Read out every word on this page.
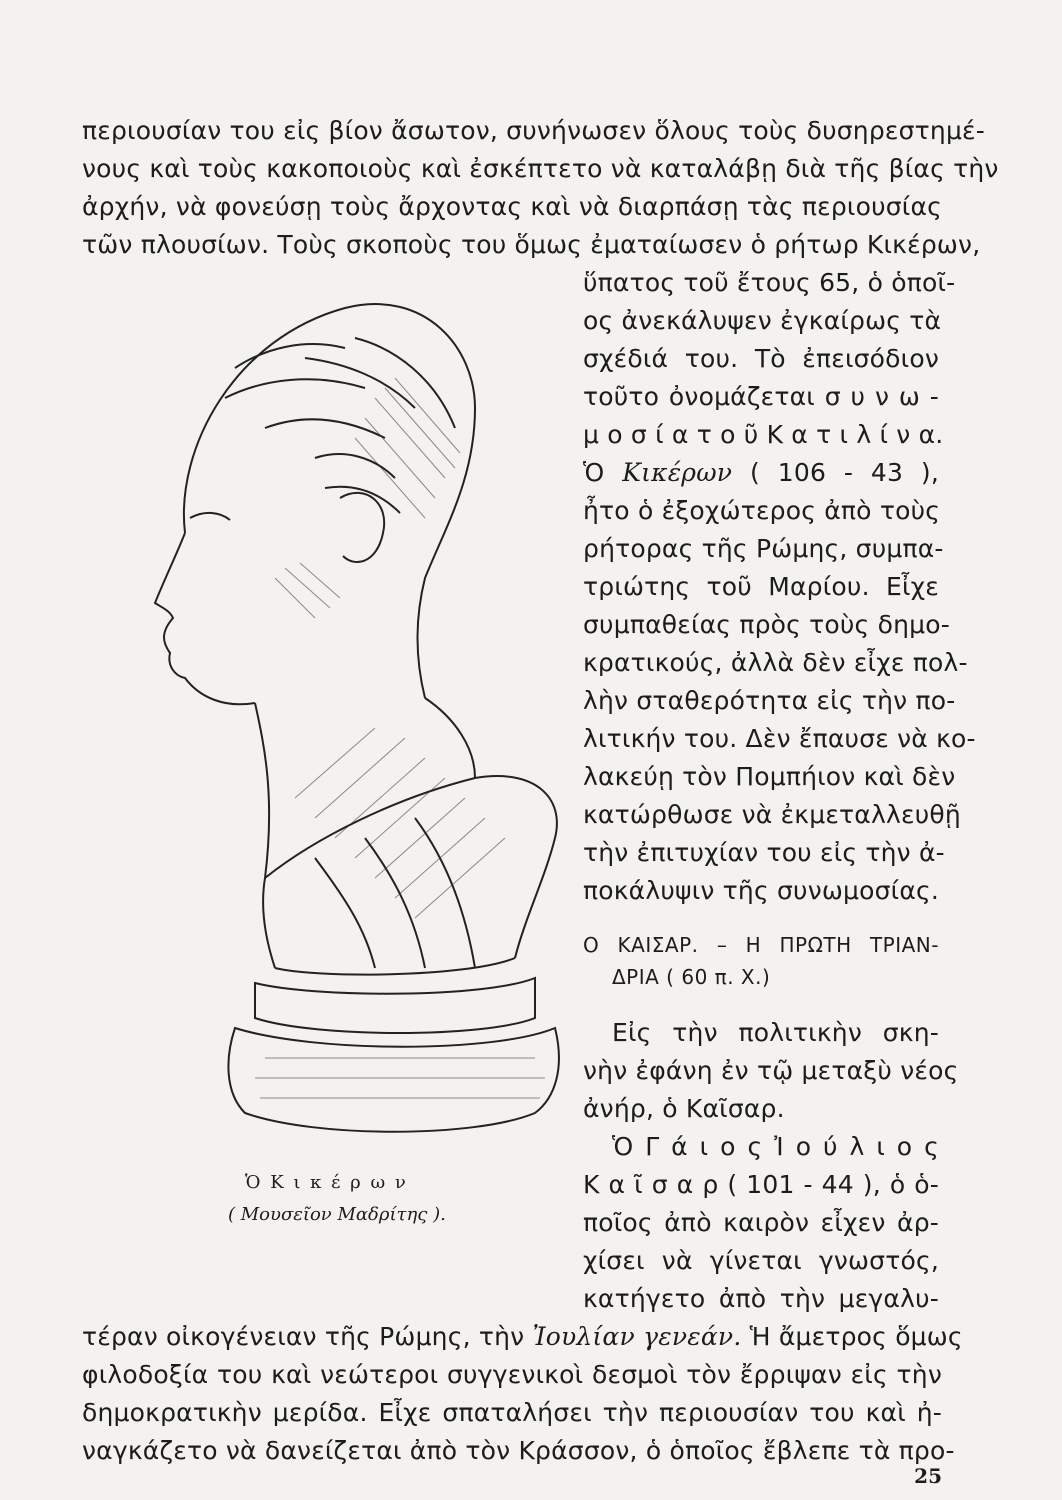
περιουσίαν του εἰς βίον ἄσωτον, συνήνωσεν ὅλους τοὺς δυσηρεστημέ-
νους καὶ τοὺς κακοποιοὺς καὶ ἐσκέπτετο νὰ καταλάβῃ διὰ τῆς βίας τὴν
ἀρχήν, νὰ φονεύσῃ τοὺς ἄρχοντας καὶ νὰ διαρπάσῃ τὰς περιουσίας
τῶν πλουσίων. Τοὺς σκοποὺς του ὅμως ἐματαίωσεν ὁ ρήτωρ Κικέρων,
ὕπατος τοῦ ἔτους 65, ὁ ὁποῖ-
ος ἀνεκάλυψεν ἐγκαίρως τὰ
σχέδιά του. Τὸ ἐπεισόδιον
τοῦτο ὀνομάζεται σ υ ν ω -
μ ο σ ί α τ ο ῦ Κ α τ ι λ ί ν α.
Ὁ Κικέρων ( 106 - 43 ),
ἦτο ὁ ἐξοχώτερος ἀπὸ τοὺς
ρήτορας τῆς Ρώμης, συμπα-
τριώτης τοῦ Μαρίου. Εἶχε
συμπαθείας πρὸς τοὺς δημο-
κρατικούς, ἀλλὰ δὲν εἶχε πολ-
λὴν σταθερότητα εἰς τὴν πο-
λιτικήν του. Δὲν ἔπαυσε νὰ κο-
λακεύῃ τὸν Πομπήιον καὶ δὲν
κατώρθωσε νὰ ἐκμεταλλευθῇ
τὴν ἐπιτυχίαν του εἰς τὴν ἀ-
ποκάλυψιν τῆς συνωμοσίας.
Ο ΚΑΙΣΑΡ. – Η ΠΡΩΤΗ ΤΡΙΑΝ-
ΔΡΙΑ ( 60 π. Χ.)
Εἰς τὴν πολιτικὴν σκη-
νὴν ἐφάνη ἐν τῷ μεταξὺ νέος
ἀνήρ, ὁ Καῖσαρ.
Ὁ Γ ά ι ο ς Ἰ ο ύ λ ι ο ς
Κ α ῖ σ α ρ ( 101 - 44 ), ὁ ὁ-
ποῖος ἀπὸ καιρὸν εἶχεν ἀρ-
χίσει νὰ γίνεται γνωστός,
κατήγετο ἀπὸ τὴν μεγαλυ-
Ὁ Κ ι κ έ ρ ω ν
( Μουσεῖον Μαδρίτης ).
τέραν οἰκογένειαν τῆς Ρώμης, τὴν Ἰουλίαν γενεάν. Ἡ ἄμετρος ὅμως
φιλοδοξία του καὶ νεώτεροι συγγενικοὶ δεσμοὶ τὸν ἔρριψαν εἰς τὴν
δημοκρατικὴν μερίδα. Εἶχε σπαταλήσει τὴν περιουσίαν του καὶ ἠ-
ναγκάζετο νὰ δανείζεται ἀπὸ τὸν Κράσσον, ὁ ὁποῖος ἔβλεπε τὰ προ-
25
